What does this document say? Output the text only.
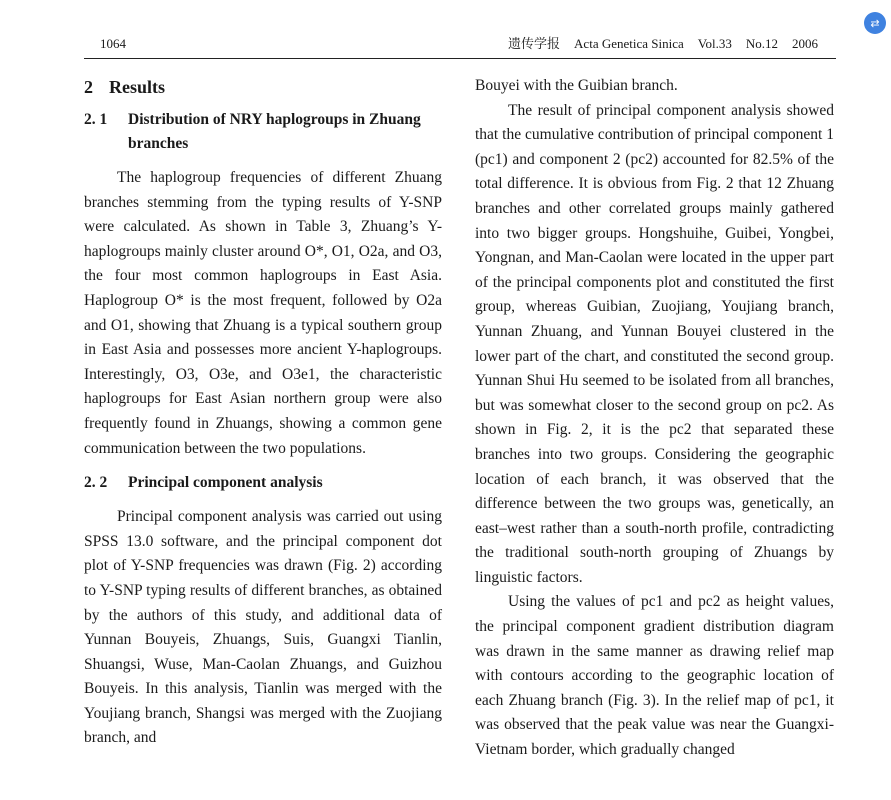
⇄
1064	遗传学报 Acta Genetica Sinica Vol.33 No.12 2006
2 Results
2. 1	Distribution of NRY haplogroups in Zhuang branches

The haplogroup frequencies of different Zhuang branches stemming from the typing results of Y-SNP were calculated. As shown in Table 3, Zhuang’s Y-haplogroups mainly cluster around O*, O1, O2a, and O3, the four most common haplogroups in East Asia. Haplogroup O* is the most frequent, followed by O2a and O1, showing that Zhuang is a typical southern group in East Asia and possesses more ancient Y-haplogroups. Interestingly, O3, O3e, and O3e1, the characteristic haplogroups for East Asian northern group were also frequently found in Zhuangs, showing a common gene communication between the two populations.

2. 2	Principal component analysis

Principal component analysis was carried out using SPSS 13.0 software, and the principal component dot plot of Y-SNP frequencies was drawn (Fig. 2) according to Y-SNP typing results of different branches, as obtained by the authors of this study, and additional data of Yunnan Bouyeis, Zhuangs, Suis, Guangxi Tianlin, Shuangsi, Wuse, Man-Caolan Zhuangs, and Guizhou Bouyeis. In this analysis, Tianlin was merged with the Youjiang branch, Shangsi was merged with the Zuojiang branch, and

Bouyei with the Guibian branch.

The result of principal component analysis showed that the cumulative contribution of principal component 1 (pc1) and component 2 (pc2) accounted for 82.5% of the total difference. It is obvious from Fig. 2 that 12 Zhuang branches and other correlated groups mainly gathered into two bigger groups. Hongshuihe, Guibei, Yongbei, Yongnan, and Man-Caolan were located in the upper part of the principal components plot and constituted the first group, whereas Guibian, Zuojiang, Youjiang branch, Yunnan Zhuang, and Yunnan Bouyei clustered in the lower part of the chart, and constituted the second group. Yunnan Shui Hu seemed to be isolated from all branches, but was somewhat closer to the second group on pc2. As shown in Fig. 2, it is the pc2 that separated these branches into two groups. Considering the geographic location of each branch, it was observed that the difference between the two groups was, genetically, an east–west rather than a south-north profile, contradicting the traditional south-north grouping of Zhuangs by linguistic factors.

Using the values of pc1 and pc2 as height values, the principal component gradient distribution diagram was drawn in the same manner as drawing relief map with contours according to the geographic location of each Zhuang branch (Fig. 3). In the relief map of pc1, it was observed that the peak value was near the Guangxi-Vietnam border, which gradually changed
